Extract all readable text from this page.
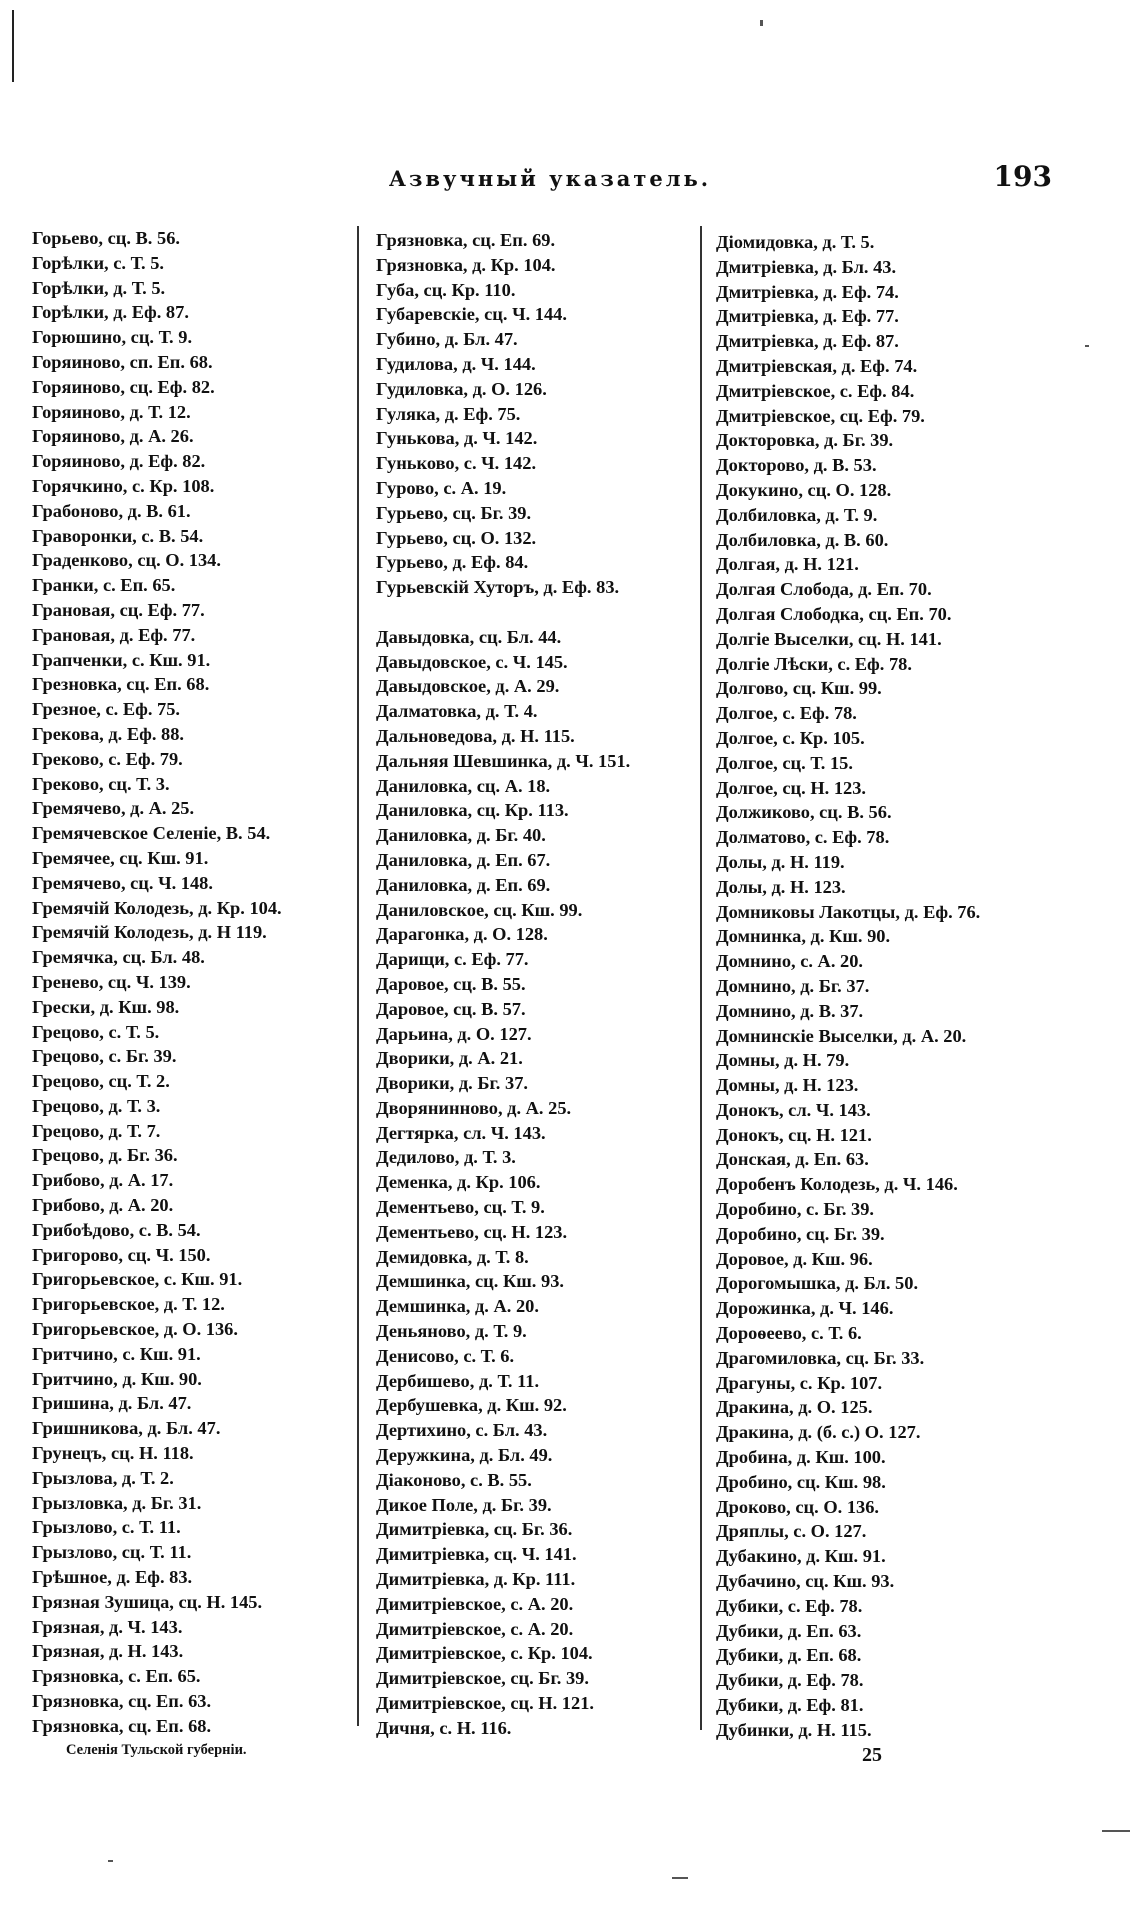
Азвучный указатель.	193
Горьево, сц. В. 56.
Горѣлки, с. Т. 5.
Горѣлки, д. Т. 5.
Горѣлки, д. Еф. 87.
Горюшино, сц. Т. 9.
Горяиново, сп. Еп. 68.
Горяиново, сц. Еф. 82.
Горяиново, д. Т. 12.
Горяиново, д. А. 26.
Горяиново, д. Еф. 82.
Горячкино, с. Кр. 108.
Грабоново, д. В. 61.
Граворонки, с. В. 54.
Граденково, сц. О. 134.
Гранки, с. Еп. 65.
Грановая, сц. Еф. 77.
Грановая, д. Еф. 77.
Грапченки, с. Кш. 91.
Грезновка, сц. Еп. 68.
Грезное, с. Еф. 75.
Грекова, д. Еф. 88.
Греково, с. Еф. 79.
Греково, сц. Т. 3.
Гремячево, д. А. 25.
Гремячевское Селеніе, В. 54.
Гремячее, сц. Кш. 91.
Гремячево, сц. Ч. 148.
Гремячій Колодезь, д. Кр. 104.
Гремячій Колодезь, д. Н 119.
Гремячка, сц. Бл. 48.
Гренево, сц. Ч. 139.
Грески, д. Кш. 98.
Грецово, с. Т. 5.
Грецово, с. Бг. 39.
Грецово, сц. Т. 2.
Грецово, д. Т. 3.
Грецово, д. Т. 7.
Грецово, д. Бг. 36.
Грибово, д. А. 17.
Грибово, д. А. 20.
Грибоѣдово, с. В. 54.
Григорово, сц. Ч. 150.
Григорьевское, с. Кш. 91.
Григорьевское, д. Т. 12.
Григорьевское, д. О. 136.
Гритчино, с. Кш. 91.
Гритчино, д. Кш. 90.
Гришина, д. Бл. 47.
Гришникова, д. Бл. 47.
Грунецъ, сц. Н. 118.
Грызлова, д. Т. 2.
Грызловка, д. Бг. 31.
Грызлово, с. Т. 11.
Грызлово, сц. Т. 11.
Грѣшное, д. Еф. 83.
Грязная Зушица, сц. Н. 145.
Грязная, д. Ч. 143.
Грязная, д. Н. 143.
Грязновка, с. Еп. 65.
Грязновка, сц. Еп. 63.
Грязновка, сц. Еп. 68.
Грязновка, сц. Еп. 69.
Грязновка, д. Кр. 104.
Губа, сц. Кр. 110.
Губаревскіе, сц. Ч. 144.
Губино, д. Бл. 47.
Гудилова, д. Ч. 144.
Гудиловка, д. О. 126.
Гуляка, д. Еф. 75.
Гунькова, д. Ч. 142.
Гуньково, с. Ч. 142.
Гурово, с. А. 19.
Гурьево, сц. Бг. 39.
Гурьево, сц. О. 132.
Гурьево, д. Еф. 84.
Гурьевскій Хуторъ, д. Еф. 83.
Давыдовка, сц. Бл. 44.
Давыдовское, с. Ч. 145.
Давыдовское, д. А. 29.
Далматовка, д. Т. 4.
Дальноведова, д. Н. 115.
Дальняя Шевшинка, д. Ч. 151.
Даниловка, сц. А. 18.
Даниловка, сц. Кр. 113.
Даниловка, д. Бг. 40.
Даниловка, д. Еп. 67.
Даниловка, д. Еп. 69.
Даниловское, сц. Кш. 99.
Дарагонка, д. О. 128.
Дарищи, с. Еф. 77.
Даровое, сц. В. 55.
Даровое, сц. В. 57.
Дарьина, д. О. 127.
Дворики, д. А. 21.
Дворики, д. Бг. 37.
Дворянинново, д. А. 25.
Дегтярка, сл. Ч. 143.
Дедилово, д. Т. 3.
Деменка, д. Кр. 106.
Дементьево, сц. Т. 9.
Дементьево, сц. Н. 123.
Демидовка, д. Т. 8.
Демшинка, сц. Кш. 93.
Демшинка, д. А. 20.
Деньяново, д. Т. 9.
Денисово, с. Т. 6.
Дербишево, д. Т. 11.
Дербушевка, д. Кш. 92.
Дертихино, с. Бл. 43.
Деружкина, д. Бл. 49.
Діаконово, с. В. 55.
Дикое Поле, д. Бг. 39.
Димитріевка, сц. Бг. 36.
Димитріевка, сц. Ч. 141.
Димитріевка, д. Кр. 111.
Димитріевское, с. А. 20.
Димитріевское, с. А. 20.
Димитріевское, с. Кр. 104.
Димитріевское, сц. Бг. 39.
Димитріевское, сц. Н. 121.
Дичня, с. Н. 116.
Діомидовка, д. Т. 5.
Дмитріевка, д. Бл. 43.
Дмитріевка, д. Еф. 74.
Дмитріевка, д. Еф. 77.
Дмитріевка, д. Еф. 87.
Дмитріевская, д. Еф. 74.
Дмитріевское, с. Еф. 84.
Дмитріевское, сц. Еф. 79.
Докторовка, д. Бг. 39.
Докторово, д. В. 53.
Докукино, сц. О. 128.
Долбиловка, д. Т. 9.
Долбиловка, д. В. 60.
Долгая, д. Н. 121.
Долгая Слобода, д. Еп. 70.
Долгая Слободка, сц. Еп. 70.
Долгіе Выселки, сц. Н. 141.
Долгіе Лѣски, с. Еф. 78.
Долгово, сц. Кш. 99.
Долгое, с. Еф. 78.
Долгое, с. Кр. 105.
Долгое, сц. Т. 15.
Долгое, сц. Н. 123.
Должиково, сц. В. 56.
Долматово, с. Еф. 78.
Долы, д. Н. 119.
Долы, д. Н. 123.
Домниковы Лакотцы, д. Еф. 76.
Домнинка, д. Кш. 90.
Домнино, с. А. 20.
Домнино, д. Бг. 37.
Домнино, д. В. 37.
Домнинскіе Выселки, д. А. 20.
Домны, д. Н. 79.
Домны, д. Н. 123.
Донокъ, сл. Ч. 143.
Донокъ, сц. Н. 121.
Донская, д. Еп. 63.
Доробенъ Колодезь, д. Ч. 146.
Доробино, с. Бг. 39.
Доробино, сц. Бг. 39.
Доровое, д. Кш. 96.
Дорогомышка, д. Бл. 50.
Дорожинка, д. Ч. 146.
Дороѳеево, с. Т. 6.
Драгомиловка, сц. Бг. 33.
Драгуны, с. Кр. 107.
Дракина, д. О. 125.
Дракина, д. (б. с.) О. 127.
Дробина, д. Кш. 100.
Дробино, сц. Кш. 98.
Дроково, сц. О. 136.
Дряплы, с. О. 127.
Дубакино, д. Кш. 91.
Дубачино, сц. Кш. 93.
Дубики, с. Еф. 78.
Дубики, д. Еп. 63.
Дубики, д. Еп. 68.
Дубики, д. Еф. 78.
Дубики, д. Еф. 81.
Дубинки, д. Н. 115.
Селенія Тульской губерніи.	25
